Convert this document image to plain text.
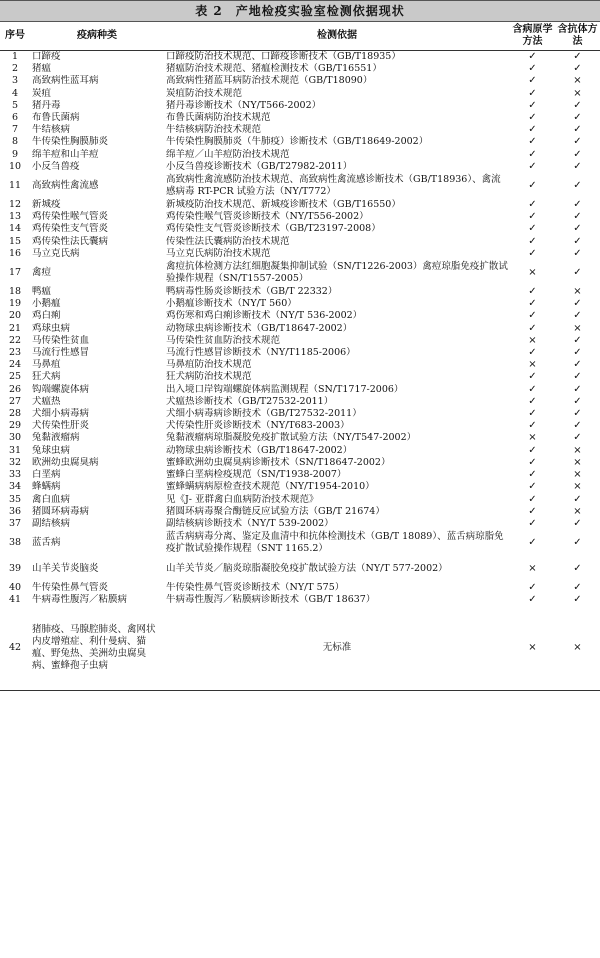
表 2　产地检疫实验室检测依据现状
序号	疫病种类	检测依据	含病原学方法	含抗体方法
1	口蹄疫	口蹄疫防治技术规范、口蹄疫诊断技术（GB/T18935）	✓	✓
2	猪瘟	猪瘟防治技术规范、猪瘟检测技术（GB/T16551）	✓	✓
3	高致病性蓝耳病	高致病性猪蓝耳病防治技术规范（GB/T18090）	✓	×
4	炭疽	炭疽防治技术规范	✓	×
5	猪丹毒	猪丹毒诊断技术（NY/T566-2002）	✓	✓
6	布鲁氏菌病	布鲁氏菌病防治技术规范	✓	✓
7	牛结核病	牛结核病防治技术规范	✓	✓
8	牛传染性胸膜肺炎	牛传染性胸膜肺炎（牛肺疫）诊断技术（GB/T18649-2002）	✓	✓
9	绵羊痘和山羊痘	绵羊痘／山羊痘防治技术规范	✓	✓
10	小反刍兽疫	小反刍兽疫诊断技术（GB/T27982-2011）	✓	✓
11	高致病性禽流感	高致病性禽流感防治技术规范、高致病性禽流感诊断技术（GB/T18936）、禽流感病毒 RT-PCR 试验方法（NY/T772）	✓	✓
12	新城疫	新城疫防治技术规范、新城疫诊断技术（GB/T16550）	✓	✓
13	鸡传染性喉气管炎	鸡传染性喉气管炎诊断技术（NY/T556-2002）	✓	✓
14	鸡传染性支气管炎	鸡传染性支气管炎诊断技术（GB/T23197-2008）	✓	✓
15	鸡传染性法氏囊病	传染性法氏囊病防治技术规范	✓	✓
16	马立克氏病	马立克氏病防治技术规范	✓	✓
17	禽痘	禽痘抗体检测方法红细胞凝集抑制试验（SN/T1226-2003）禽痘琼脂免疫扩散试验操作规程（SN/T1557-2005）	×	✓
18	鸭瘟	鸭病毒性肠炎诊断技术（GB/T 22332）	✓	×
19	小鹅瘟	小鹅瘟诊断技术（NY/T 560）	✓	✓
20	鸡白痢	鸡伤寒和鸡白痢诊断技术（NY/T 536-2002）	✓	✓
21	鸡球虫病	动物球虫病诊断技术（GB/T18647-2002）	✓	×
22	马传染性贫血	马传染性贫血防治技术规范	×	✓
23	马流行性感冒	马流行性感冒诊断技术（NY/T1185-2006）	✓	✓
24	马鼻疽	马鼻疽防治技术规范	×	✓
25	狂犬病	狂犬病防治技术规范	✓	✓
26	钩端螺旋体病	出入境口岸钩端螺旋体病监测规程（SN/T1717-2006）	✓	✓
27	犬瘟热	犬瘟热诊断技术（GB/T27532-2011）	✓	✓
28	犬细小病毒病	犬细小病毒病诊断技术（GB/T27532-2011）	✓	✓
29	犬传染性肝炎	犬传染性肝炎诊断技术（NY/T683-2003）	✓	✓
30	兔黏液瘤病	兔黏液瘤病琼脂凝胶免疫扩散试验方法（NY/T547-2002）	×	✓
31	兔球虫病	动物球虫病诊断技术（GB/T18647-2002）	✓	×
32	欧洲幼虫腐臭病	蜜蜂欧洲幼虫腐臭病诊断技术（SN/T18647-2002）	✓	×
33	白垩病	蜜蜂白垩病检疫规范（SN/T1938-2007）	✓	×
34	蜂螨病	蜜蜂螨病病原检查技术规范（NY/T1954-2010）	✓	×
35	禽白血病	见《J- 亚群禽白血病防治技术规范》	✓	✓
36	猪圆环病毒病	猪圆环病毒聚合酶链反应试验方法（GB/T 21674）	✓	×
37	副结核病	副结核病诊断技术（NY/T 539-2002）	✓	✓
38	蓝舌病	蓝舌病病毒分离、鉴定及血清中和抗体检测技术（GB/T 18089）、蓝舌病琼脂免疫扩散试验操作规程（SNT 1165.2）	✓	✓
39	山羊关节炎脑炎	山羊关节炎／脑炎琼脂凝胶免疫扩散试验方法（NY/T 577-2002）	×	✓
40	牛传染性鼻气管炎	牛传染性鼻气管炎诊断技术（NY/T 575）	✓	✓
41	牛病毒性腹泻／粘膜病	牛病毒性腹泻／粘膜病诊断技术（GB/T 18637）	✓	✓
42	猪肺疫、马腺腔肺炎、禽网状内皮增殖症、利什曼病、猫瘟、野兔热、美洲幼虫腐臭病、蜜蜂孢子虫病	无标准	×	×
